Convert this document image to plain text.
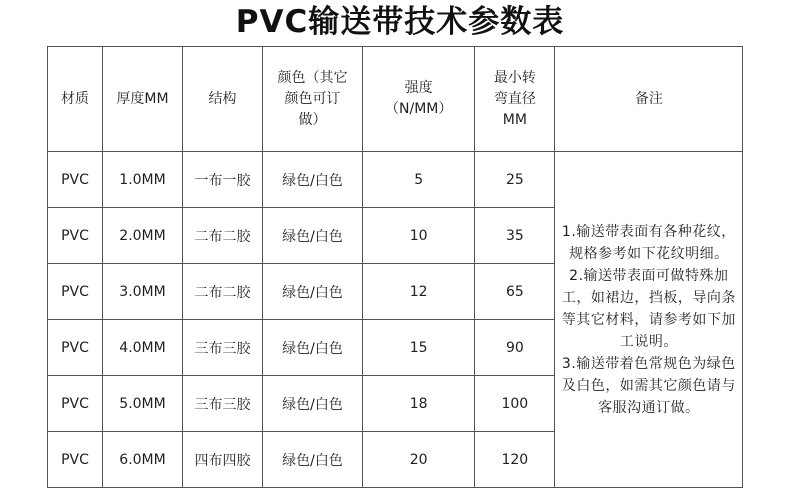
PVC输送带技术参数表
材质	厚度MM	结构	颜色（其它颜色可订做）	强度（N/MM）	最小转弯直径MM	备注
PVC	1.0MM	一布一胶	绿色/白色	5	25	1.输送带表面有各种花纹，规格参考如下花纹明细。

2.输送带表面可做特殊加工，如裙边，挡板，导向条等其它材料，请参考如下加工说明。

3.输送带着色常规色为绿色及白色，如需其它颜色请与客服沟通订做。

PVC	2.0MM	二布二胶	绿色/白色	10	35	
PVC	3.0MM	二布二胶	绿色/白色	12	65	
PVC	4.0MM	三布三胶	绿色/白色	15	90	
PVC	5.0MM	三布三胶	绿色/白色	18	100	
PVC	6.0MM	四布四胶	绿色/白色	20	120	
